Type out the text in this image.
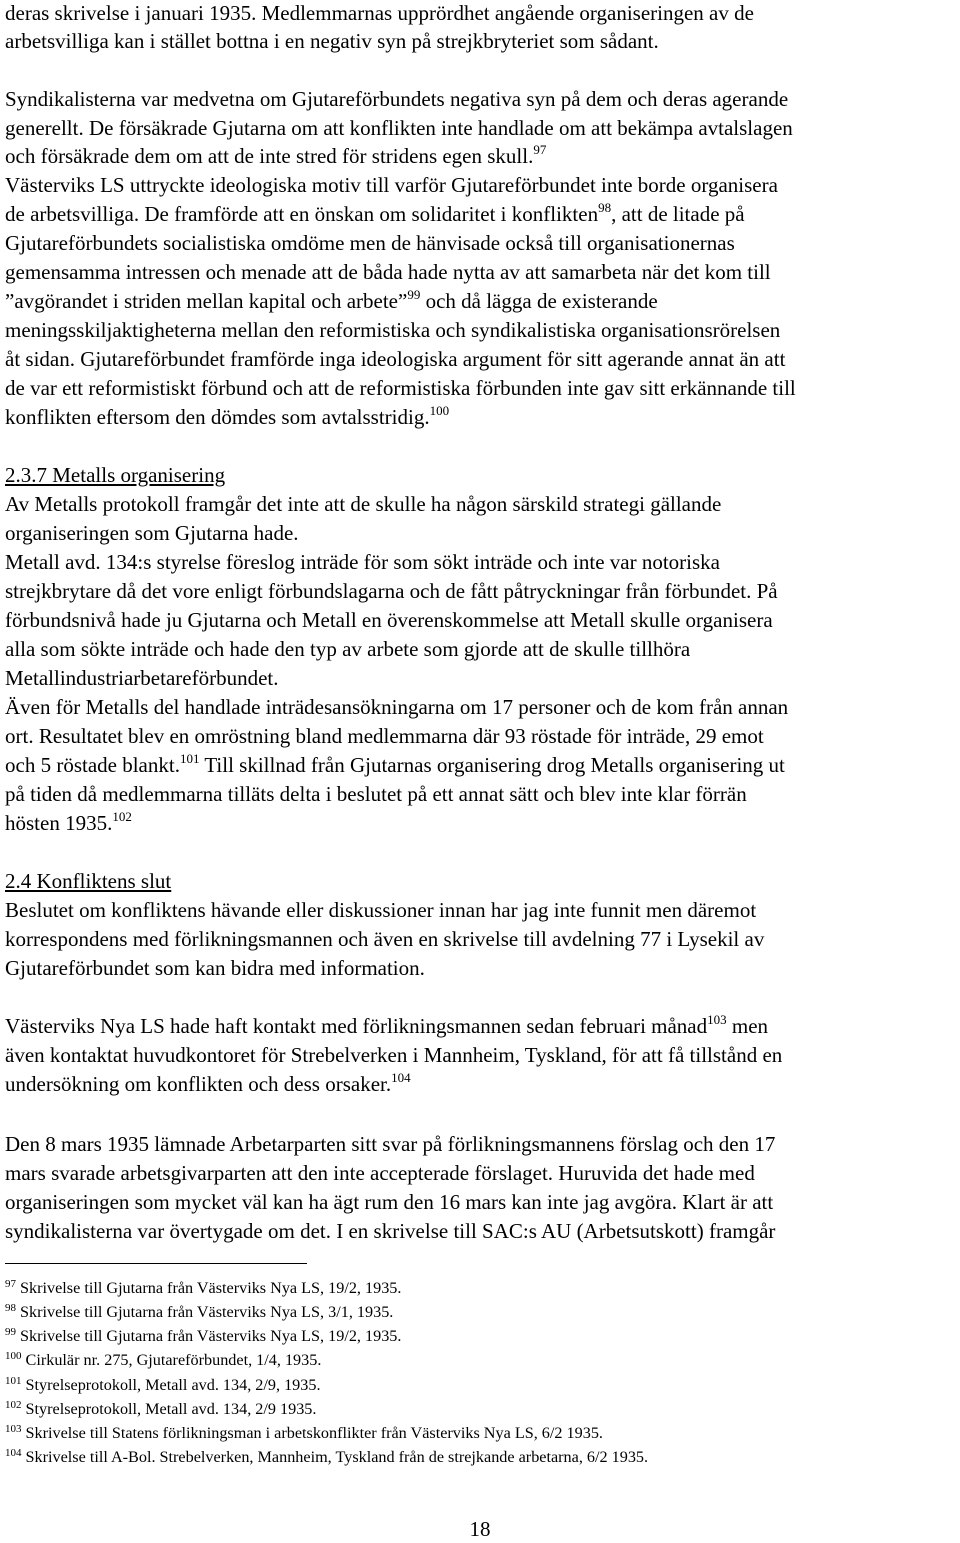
deras skrivelse i januari 1935. Medlemmarnas upprördhet angående organiseringen av de
arbetsvilliga kan i stället bottna i en negativ syn på strejkbryteriet som sådant.
Syndikalisterna var medvetna om Gjutareförbundets negativa syn på dem och deras agerande
generellt. De försäkrade Gjutarna om att konflikten inte handlade om att bekämpa avtalslagen
och försäkrade dem om att de inte stred för stridens egen skull.$^{97}$
Västerviks LS uttryckte ideologiska motiv till varför Gjutareförbundet inte borde organisera
de arbetsvilliga. De framförde att en önskan om solidaritet i konflikten$^{98}$, att de litade på
Gjutareförbundets socialistiska omdöme men de hänvisade också till organisationernas
gemensamma intressen och menade att de båda hade nytta av att samarbeta när det kom till
”avgörandet i striden mellan kapital och arbete”$^{99}$ och då lägga de existerande
meningsskiljaktigheterna mellan den reformistiska och syndikalistiska organisationsrörelsen
åt sidan. Gjutareförbundet framförde inga ideologiska argument för sitt agerande annat än att
de var ett reformistiskt förbund och att de reformistiska förbunden inte gav sitt erkännande till
konflikten eftersom den dömdes som avtalsstridig.$^{100}$
2.3.7 Metalls organisering
Av Metalls protokoll framgår det inte att de skulle ha någon särskild strategi gällande
organiseringen som Gjutarna hade.
Metall avd. 134:s styrelse föreslog inträde för som sökt inträde och inte var notoriska
strejkbrytare då det vore enligt förbundslagarna och de fått påtryckningar från förbundet. På
förbundsnivå hade ju Gjutarna och Metall en överenskommelse att Metall skulle organisera
alla som sökte inträde och hade den typ av arbete som gjorde att de skulle tillhöra
Metallindustriarbetareförbundet.
Även för Metalls del handlade inträdesansökningarna om 17 personer och de kom från annan
ort. Resultatet blev en omröstning bland medlemmarna där 93 röstade för inträde, 29 emot
och 5 röstade blankt.$^{101}$ Till skillnad från Gjutarnas organisering drog Metalls organisering ut
på tiden då medlemmarna tilläts delta i beslutet på ett annat sätt och blev inte klar förrän
hösten 1935.$^{102}$
2.4 Konfliktens slut
Beslutet om konfliktens hävande eller diskussioner innan har jag inte funnit men däremot
korrespondens med förlikningsmannen och även en skrivelse till avdelning 77 i Lysekil av
Gjutareförbundet som kan bidra med information.
Västerviks Nya LS hade haft kontakt med förlikningsmannen sedan februari månad$^{103}$ men
även kontaktat huvudkontoret för Strebelverken i Mannheim, Tyskland, för att få tillstånd en
undersökning om konflikten och dess orsaker.$^{104}$
Den 8 mars 1935 lämnade Arbetarparten sitt svar på förlikningsmannens förslag och den 17
mars svarade arbetsgivarparten att den inte accepterade förslaget. Huruvida det hade med
organiseringen som mycket väl kan ha ägt rum den 16 mars kan inte jag avgöra. Klart är att
syndikalisterna var övertygade om det. I en skrivelse till SAC:s AU (Arbetsutskott) framgår
$^{97}$ Skrivelse till Gjutarna från Västerviks Nya LS, 19/2, 1935.
$^{98}$ Skrivelse till Gjutarna från Västerviks Nya LS, 3/1, 1935.
$^{99}$ Skrivelse till Gjutarna från Västerviks Nya LS, 19/2, 1935.
$^{100}$ Cirkulär nr. 275, Gjutareförbundet, 1/4, 1935.
$^{101}$ Styrelseprotokoll, Metall avd. 134, 2/9, 1935.
$^{102}$ Styrelseprotokoll, Metall avd. 134, 2/9 1935.
$^{103}$ Skrivelse till Statens förlikningsman i arbetskonflikter från Västerviks Nya LS, 6/2 1935.
$^{104}$ Skrivelse till A-Bol. Strebelverken, Mannheim, Tyskland från de strejkande arbetarna, 6/2 1935.
18
